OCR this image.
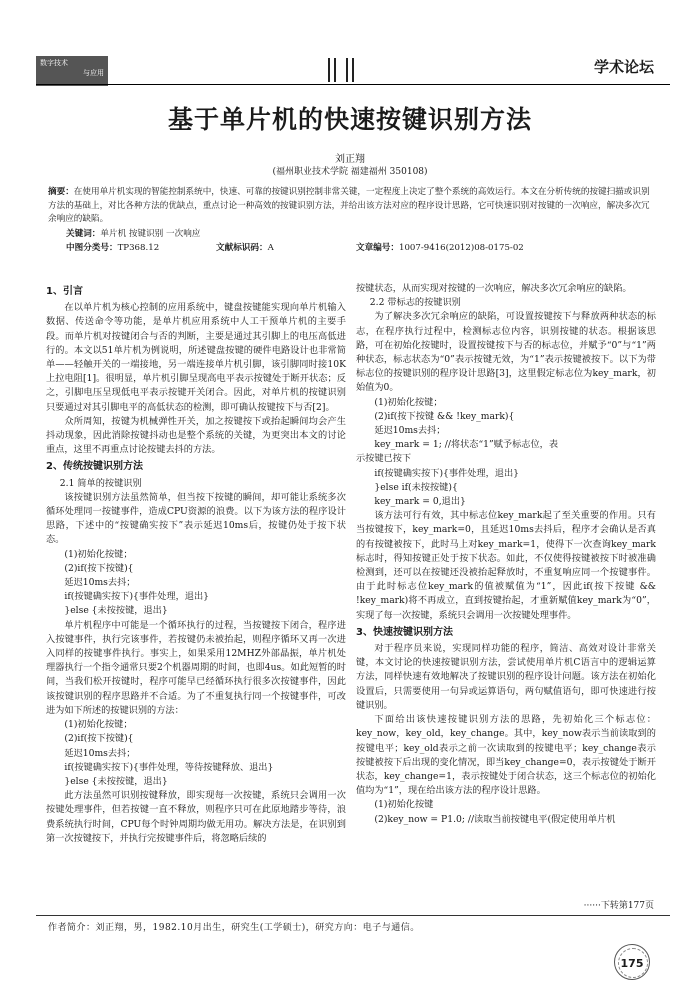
数字技术
与应用	学术论坛
基于单片机的快速按键识别方法
刘正翔
(福州职业技术学院 福建福州 350108)
摘要：在使用单片机实现的智能控制系统中，快速、可靠的按键识别控制非常关键，一定程度上决定了整个系统的高效运行。本文在分析传统的按键扫描或识别方法的基础上，对比各种方法的优缺点，重点讨论一种高效的按键识别方法，并给出该方法对应的程序设计思路，它可快速识别对按键的一次响应，解决多次冗余响应的缺陷。
关键词：单片机 按键识别 一次响应
中图分类号：TP368.12	文献标识码：A	文章编号：1007-9416(2012)08-0175-02
1、引言

在以单片机为核心控制的应用系统中，键盘按键能实现向单片机输入数据、传送命令等功能，是单片机应用系统中人工干预单片机的主要手段。而单片机对按键闭合与否的判断，主要是通过其引脚上的电压高低进行的。本文以51单片机为例说明，所述键盘按键的硬件电路设计也非常简单——轻触开关的一端接地，另一端连接单片机引脚，该引脚同时接10K上拉电阻[1]。很明显，单片机引脚呈现高电平表示按键处于断开状态；反之，引脚电压呈现低电平表示按键开关闭合。因此，对单片机的按键识别只要通过对其引脚电平的高低状态的检测，即可确认按键按下与否[2]。

众所周知，按键为机械弹性开关，加之按键按下或抬起瞬间均会产生抖动现象，因此消除按键抖动也是整个系统的关键，为更突出本文的讨论重点，这里不再重点讨论按键去抖的方法。

2、传统按键识别方法
2.1 简单的按键识别

该按键识别方法虽然简单，但当按下按键的瞬间，却可能让系统多次循环处理同一按键事件，造成CPU资源的浪费。以下为该方法的程序设计思路，下述中的“按键确实按下”表示延迟10ms后，按键仍处于按下状态。

(1)初始化按键；
(2)if(按下按键){
延迟10ms去抖；
if(按键确实按下){事件处理，退出}
}else {未按按键，退出}

单片机程序中可能是一个循环执行的过程，当按键按下闭合，程序进入按键事件，执行完该事件，若按键仍未被抬起，则程序循环又再一次进入同样的按键事件执行。事实上，如果采用12MHZ外部晶振，单片机处理器执行一个指令通常只要2个机器周期的时间，也即4us。如此短暂的时间，当我们松开按键时，程序可能早已经循环执行很多次按键事件，因此该按键识别的程序思路并不合适。为了不重复执行同一个按键事件，可改进为如下所述的按键识别的方法：

(1)初始化按键；
(2)if(按下按键){
延迟10ms去抖；
if(按键确实按下){事件处理，等待按键释放、退出}
}else {未按按键，退出}

此方法虽然可识别按键释放，即实现每一次按键，系统只会调用一次按键处理事件，但若按键一直不释放，则程序只可在此原地踏步等待，浪费系统执行时间，CPU每个时钟周期均做无用功。解决方法是，在识别到第一次按键按下，并执行完按键事件后，将忽略后续的

按键状态，从而实现对按键的一次响应，解决多次冗余响应的缺陷。

2.2 带标志的按键识别

为了解决多次冗余响应的缺陷，可设置按键按下与释放两种状态的标志，在程序执行过程中，检测标志位内容，识别按键的状态。根据该思路，可在初始化按键时，设置按键按下与否的标志位，并赋予“0”与“1”两种状态，标志状态为“0”表示按键无效，为“1”表示按键被按下。以下为带标志位的按键识别的程序设计思路[3]，这里假定标志位为key_mark，初始值为0。

(1)初始化按键；
(2)if(按下按键 && !key_mark){
延迟10ms去抖；
key_mark = 1; //将状态“1”赋予标志位，表
示按键已按下
if(按键确实按下){事件处理，退出}
}else if(未按按键){
key_mark = 0,退出}

该方法可行有效，其中标志位key_mark起了至关重要的作用。只有当按键按下，key_mark=0，且延迟10ms去抖后，程序才会确认是否真的有按键被按下，此时马上对key_mark=1，使得下一次查询key_mark标志时，得知按键正处于按下状态。如此，不仅使得按键被按下时被准确检测到，还可以在按键还没被抬起释放时，不重复响应同一个按键事件。由于此时标志位key_mark的值被赋值为“1”，因此if(按下按键 && !key_mark)将不再成立，直到按键抬起，才重新赋值key_mark为“0”，实现了每一次按键，系统只会调用一次按键处理事件。

3、快速按键识别方法

对于程序员来说，实现同样功能的程序，简洁、高效对设计非常关键，本文讨论的快速按键识别方法，尝试使用单片机C语言中的逻辑运算方法，同样快速有效地解决了按键识别的程序设计问题。该方法在初始化设置后，只需要使用一句异或运算语句，两句赋值语句，即可快速进行按键识别。

下面给出该快速按键识别方法的思路，先初始化三个标志位：key_now，key_old，key_change。其中，key_now表示当前读取到的按键电平；key_old表示之前一次读取到的按键电平；key_change表示按键被按下后出现的变化情况，即当key_change=0，表示按键处于断开状态，key_change=1，表示按键处于闭合状态，这三个标志位的初始化值均为“1”，现在给出该方法的程序设计思路。

(1)初始化按键
(2)key_now = P1.0; //读取当前按键电平(假定使用单片机
······下转第177页
作者简介：刘正翔，男，1982.10月出生，研究生(工学硕士)，研究方向：电子与通信。
175
